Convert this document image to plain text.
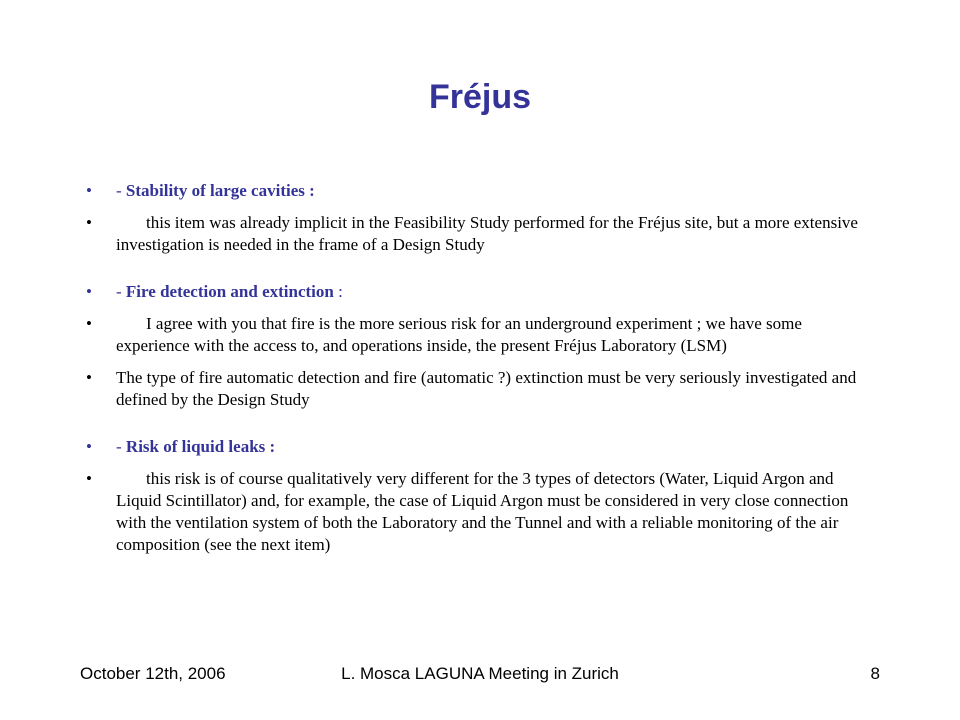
Fréjus
• - Stability of large cavities :
•	this item was already implicit in the Feasibility Study performed for the Fréjus site, but a more extensive investigation is needed in the frame of a Design Study
• - Fire detection and extinction :
•	I agree with you that fire is the more serious risk for an underground experiment ; we have some experience with the access to, and operations inside, the present Fréjus Laboratory (LSM)
• The type of fire automatic detection and fire (automatic ?) extinction must be very seriously investigated and defined by the Design Study
• - Risk of liquid leaks :
•	this risk is of course qualitatively very different for the 3 types of detectors (Water, Liquid Argon and Liquid Scintillator) and, for example, the case of Liquid Argon must be considered in very close connection with the ventilation system of both the Laboratory and the Tunnel and with a reliable monitoring of the air composition (see the next item)
October 12th, 2006	L. Mosca LAGUNA Meeting in Zurich	8
